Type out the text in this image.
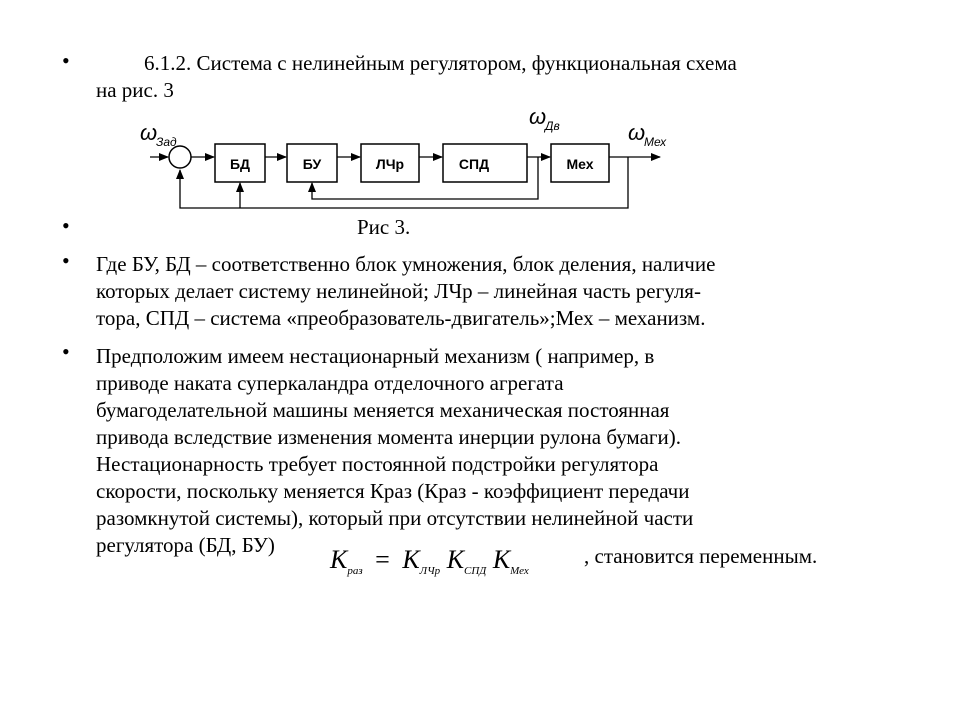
•	6.1.2. Система с нелинейным регулятором, функциональная схема
на рис. 3
ω
Зад
ω
Дв	ω
Мех
БД	БУ	ЛЧр	СПД	Мех
•	Рис 3.
• Где БУ, БД – соответственно блок умножения, блок деления, наличие
которых делает систему нелинейной; ЛЧр – линейная часть регуля-
тора, СПД – система «преобразователь-двигатель»;Мех – механизм.
• Предположим имеем нестационарный механизм ( например, в
приводе наката суперкаландра отделочного агрегата
бумагоделательной машины меняется механическая постоянная
привода вследствие изменения момента инерции рулона бумаги).
Нестационарность требует постоянной подстройки регулятора
скорости, поскольку меняется Краз (Краз - коэффициент передачи
разомкнутой системы), который при отсутствии нелинейной части
регулятора (БД, БУ)	$K_{раз} = K_{ЛЧр}$ $K_{СПД}$ $K_{Мех}$
, становится переменным.
